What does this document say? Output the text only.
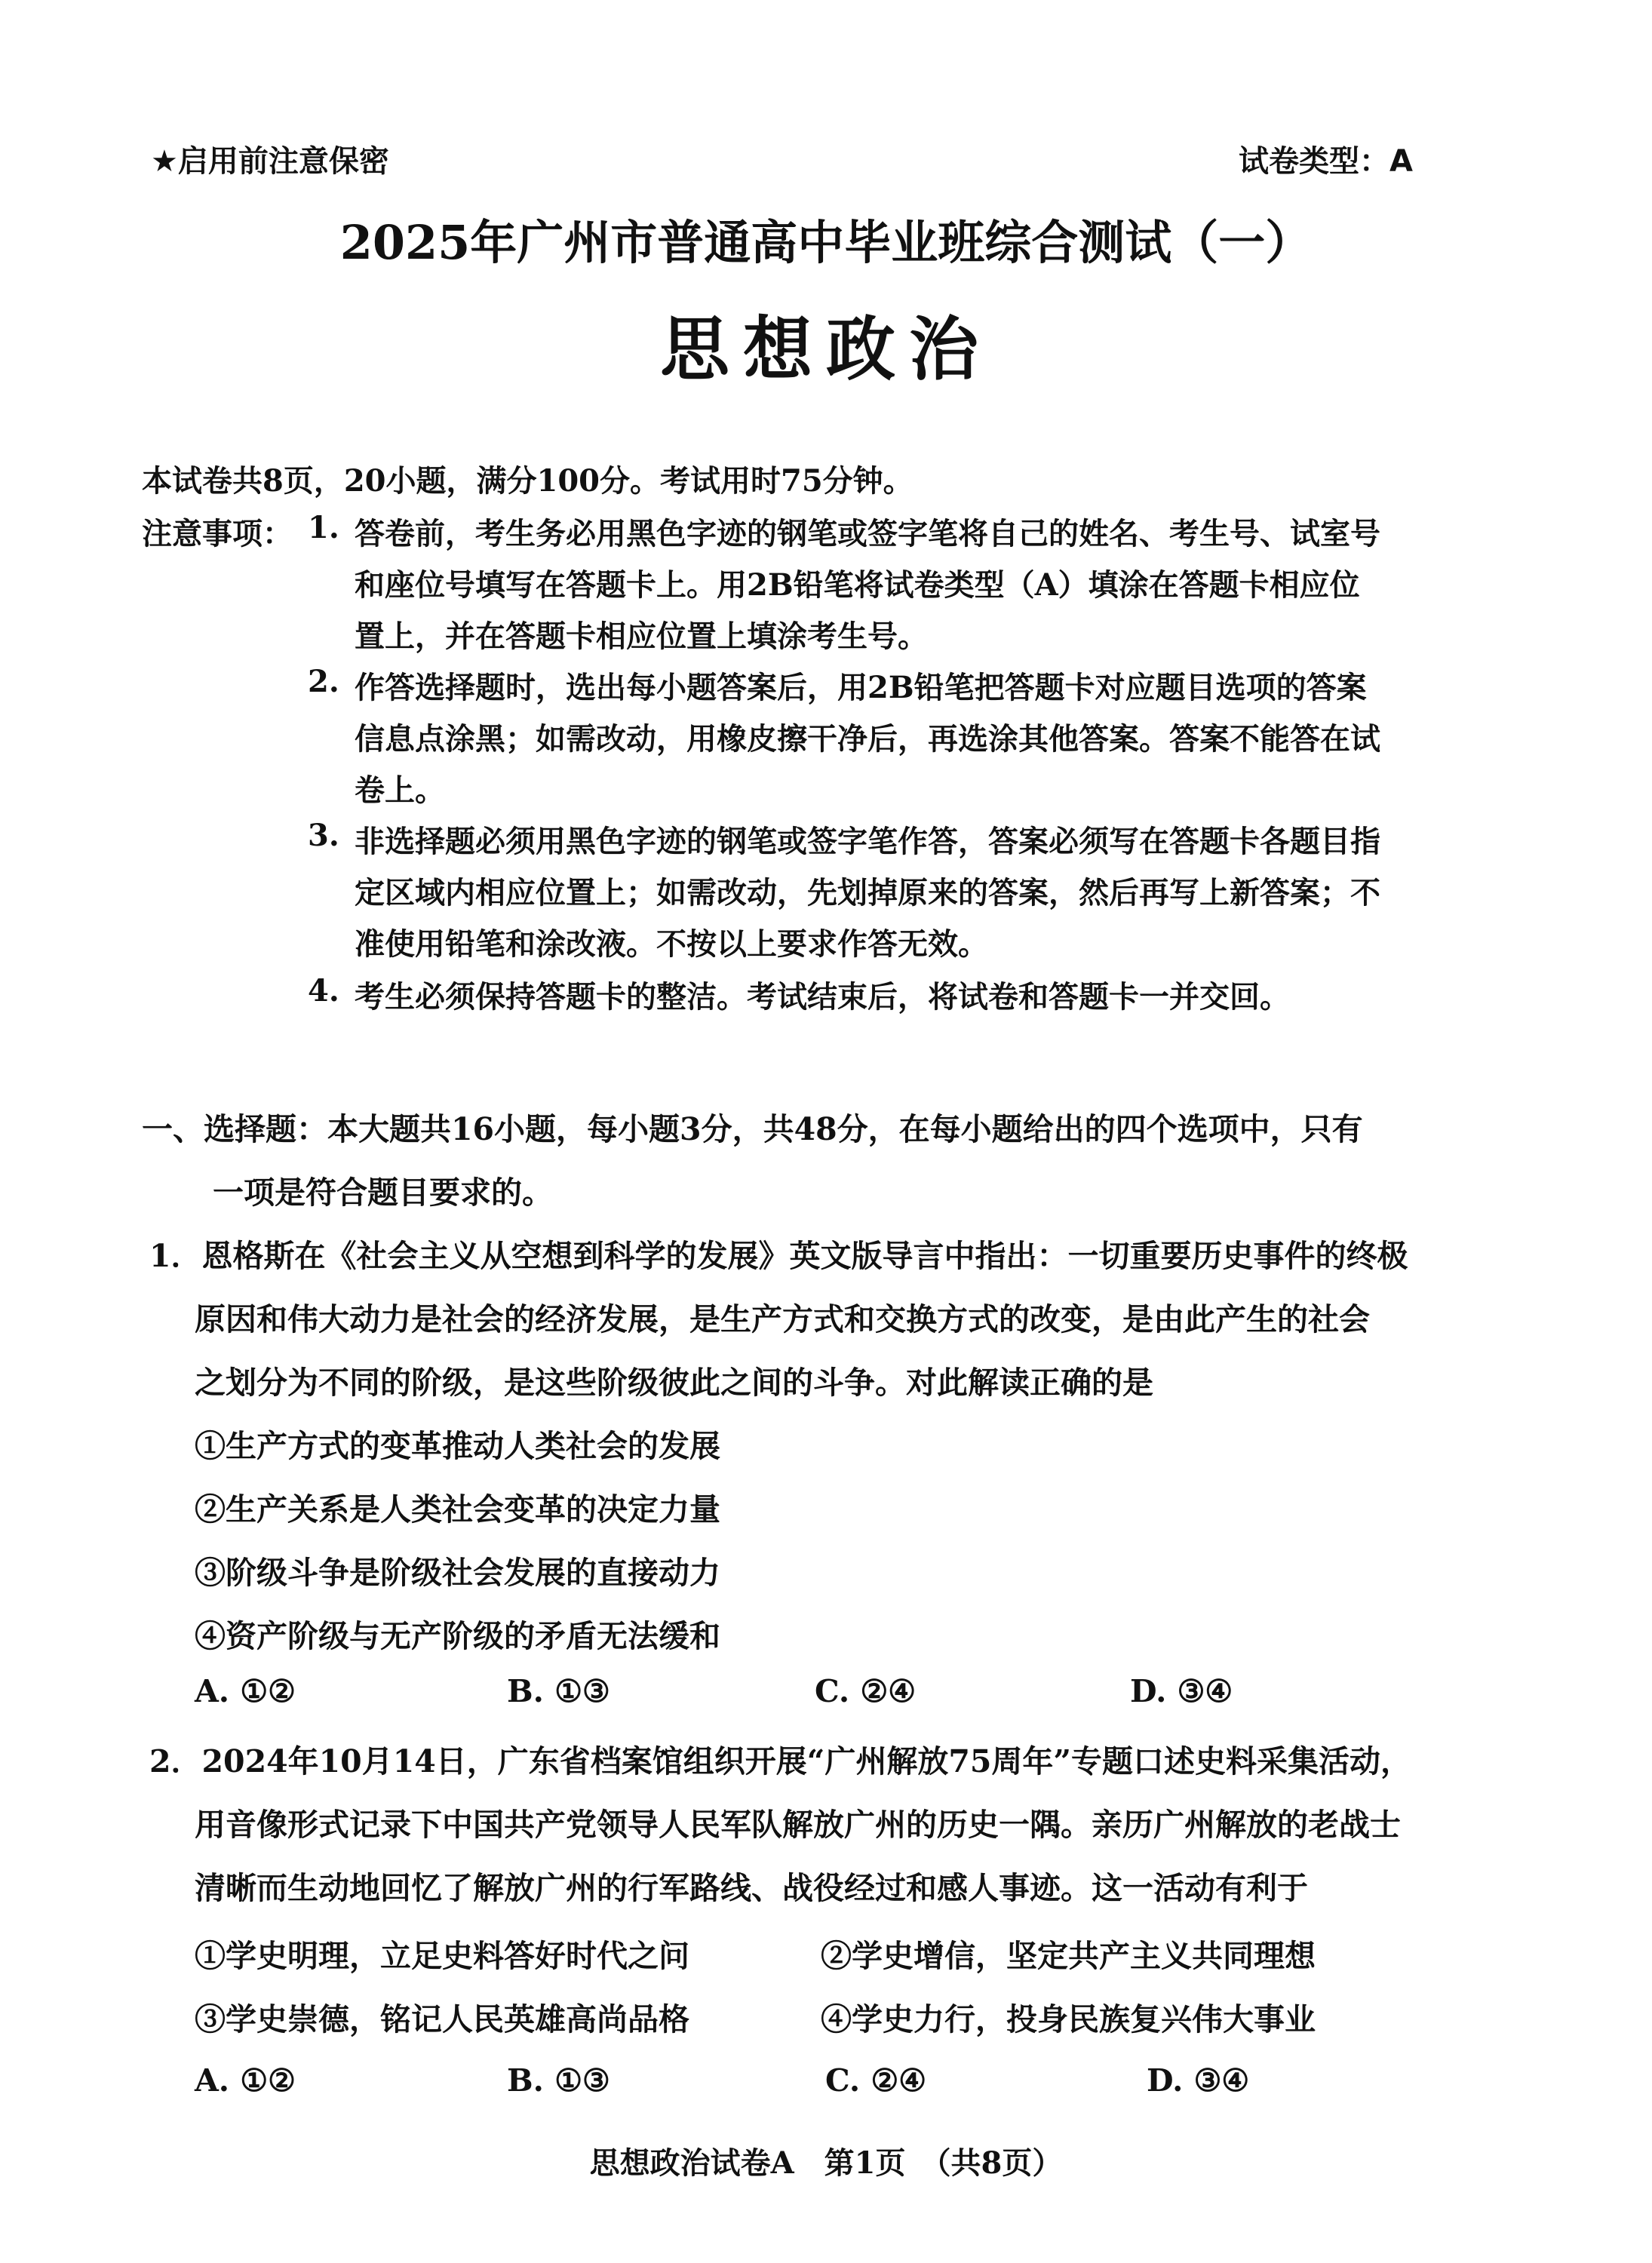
★启用前注意保密	试卷类型：A
2025年广州市普通高中毕业班综合测试（一）
思想政治
本试卷共8页，20小题，满分100分。考试用时75分钟。
注意事项： 1. 答卷前，考生务必用黑色字迹的钢笔或签字笔将自己的姓名、考生号、试室号
和座位号填写在答题卡上。用2B铅笔将试卷类型（A）填涂在答题卡相应位
置上，并在答题卡相应位置上填涂考生号。
2. 作答选择题时，选出每小题答案后，用2B铅笔把答题卡对应题目选项的答案
信息点涂黑；如需改动，用橡皮擦干净后，再选涂其他答案。答案不能答在试
卷上。
3. 非选择题必须用黑色字迹的钢笔或签字笔作答，答案必须写在答题卡各题目指
定区域内相应位置上；如需改动，先划掉原来的答案，然后再写上新答案；不
准使用铅笔和涂改液。不按以上要求作答无效。
4. 考生必须保持答题卡的整洁。考试结束后，将试卷和答题卡一并交回。
一、选择题：本大题共16小题，每小题3分，共48分，在每小题给出的四个选项中，只有
一项是符合题目要求的。
1．恩格斯在《社会主义从空想到科学的发展》英文版导言中指出：一切重要历史事件的终极
原因和伟大动力是社会的经济发展，是生产方式和交换方式的改变，是由此产生的社会
之划分为不同的阶级，是这些阶级彼此之间的斗争。对此解读正确的是
①生产方式的变革推动人类社会的发展
②生产关系是人类社会变革的决定力量
③阶级斗争是阶级社会发展的直接动力
④资产阶级与无产阶级的矛盾无法缓和
A. ①②	B. ①③	C. ②④	D. ③④
2．2024年10月14日，广东省档案馆组织开展“广州解放75周年”专题口述史料采集活动，
用音像形式记录下中国共产党领导人民军队解放广州的历史一隅。亲历广州解放的老战士
清晰而生动地回忆了解放广州的行军路线、战役经过和感人事迹。这一活动有利于
①学史明理，立足史料答好时代之问	②学史增信，坚定共产主义共同理想
③学史崇德，铭记人民英雄高尚品格	④学史力行，投身民族复兴伟大事业
A. ①②	B. ①③	C. ②④	D. ③④
思想政治试卷A　第1页　（共8页）
